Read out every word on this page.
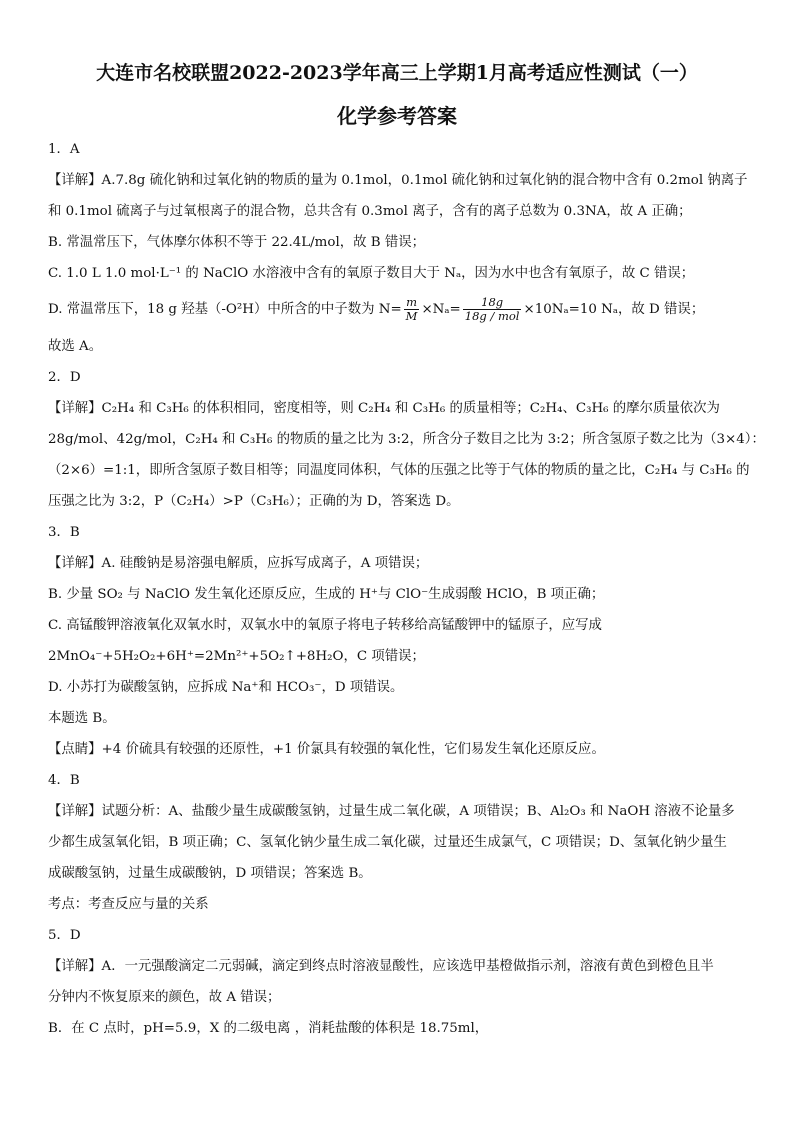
大连市名校联盟2022-2023学年高三上学期1月高考适应性测试（一）
化学参考答案
1．A
【详解】A.7.8g 硫化钠和过氧化钠的物质的量为 0.1mol，0.1mol 硫化钠和过氧化钠的混合物中含有 0.2mol 钠离子
和 0.1mol 硫离子与过氧根离子的混合物，总共含有 0.3mol 离子，含有的离子总数为 0.3NA，故 A 正确；
B. 常温常压下，气体摩尔体积不等于 22.4L/mol，故 B 错误；
C. 1.0 L 1.0 mol·L⁻¹ 的 NaClO 水溶液中含有的氧原子数目大于 Nₐ，因为水中也含有氧原子，故 C 错误；
D. 常温常压下，18 g 羟基（-O²H）中所含的中子数为 $N= \frac{m}{M} \times N_a= \frac{18g}{\text{18g / mol}} \times 10N_a=10$ Nₐ，故 D 错误；
故选 A。
2．D
【详解】C₂H₄ 和 C₃H₆ 的体积相同，密度相等，则 C₂H₄ 和 C₃H₆ 的质量相等；C₂H₄、C₃H₆ 的摩尔质量依次为
28g/mol、42g/mol，C₂H₄ 和 C₃H₆ 的物质的量之比为 3:2，所含分子数目之比为 3:2；所含氢原子数之比为（3×4）：
（2×6）=1:1，即所含氢原子数目相等；同温度同体积，气体的压强之比等于气体的物质的量之比，C₂H₄ 与 C₃H₆ 的
压强之比为 3:2，P（C₂H₄）>P（C₃H₆）；正确的为 D，答案选 D。
3．B
【详解】A. 硅酸钠是易溶强电解质，应拆写成离子，A 项错误；
B. 少量 SO₂ 与 NaClO 发生氧化还原反应，生成的 H⁺与 ClO⁻生成弱酸 HClO，B 项正确；
C. 高锰酸钾溶液氧化双氧水时，双氧水中的氧原子将电子转移给高锰酸钾中的锰原子，应写成
2MnO₄⁻+5H₂O₂+6H⁺=2Mn²⁺+5O₂↑+8H₂O，C 项错误；
D. 小苏打为碳酸氢钠，应拆成 Na⁺和 HCO₃⁻，D 项错误。
本题选 B。
【点睛】+4 价硫具有较强的还原性，+1 价氯具有较强的氧化性，它们易发生氧化还原反应。
4．B
【详解】试题分析：A、盐酸少量生成碳酸氢钠，过量生成二氧化碳，A 项错误；B、Al₂O₃ 和 NaOH 溶液不论量多
少都生成氢氧化铝，B 项正确；C、氢氧化钠少量生成二氧化碳，过量还生成氯气，C 项错误；D、氢氧化钠少量生
成碳酸氢钠，过量生成碳酸钠，D 项错误；答案选 B。
考点：考查反应与量的关系
5．D
【详解】A．一元强酸滴定二元弱碱，滴定到终点时溶液显酸性，应该选甲基橙做指示剂，溶液有黄色到橙色且半
分钟内不恢复原来的颜色，故 A 错误；
B．在 C 点时，pH=5.9，X 的二级电离 ，消耗盐酸的体积是 18.75ml，
